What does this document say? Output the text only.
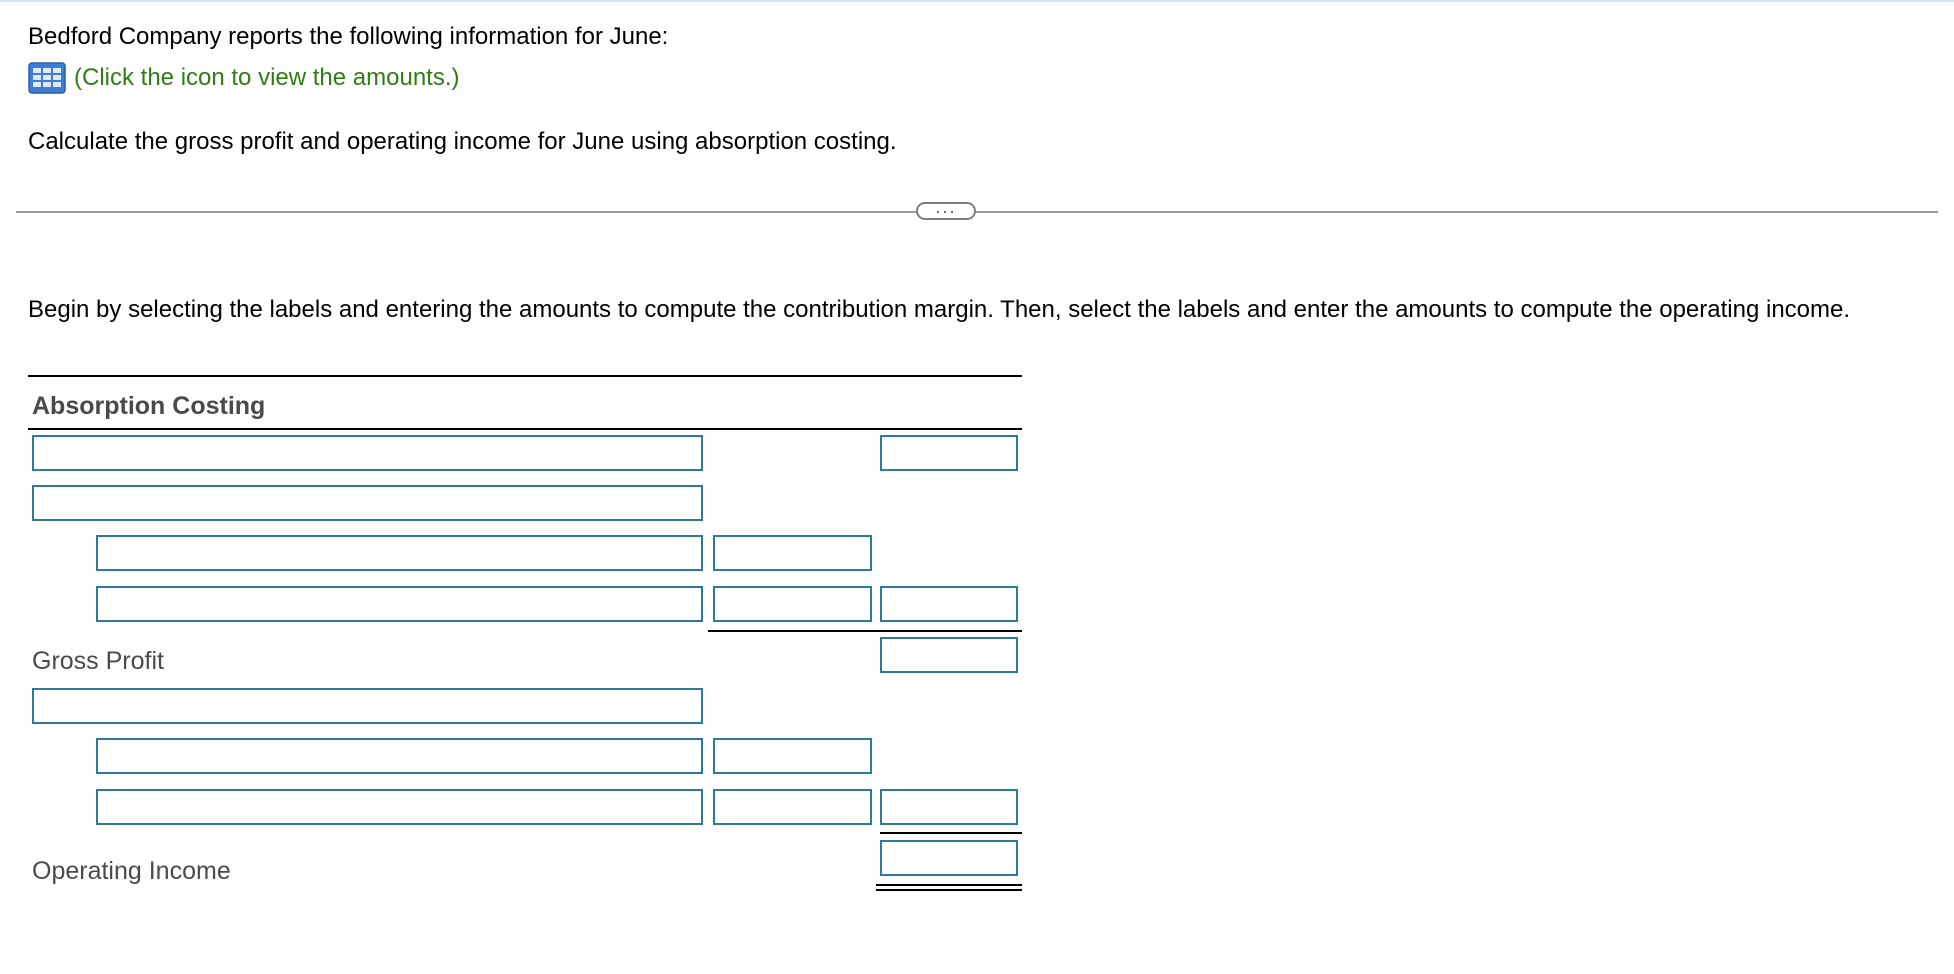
Bedford Company reports the following information for June:

(Click the icon to view the amounts.)

Calculate the gross profit and operating income for June using absorption costing.

...

Begin by selecting the labels and entering the amounts to compute the contribution margin. Then, select the labels and enter the amounts to compute the operating income.

Absorption Costing
Gross Profit
Operating Income
